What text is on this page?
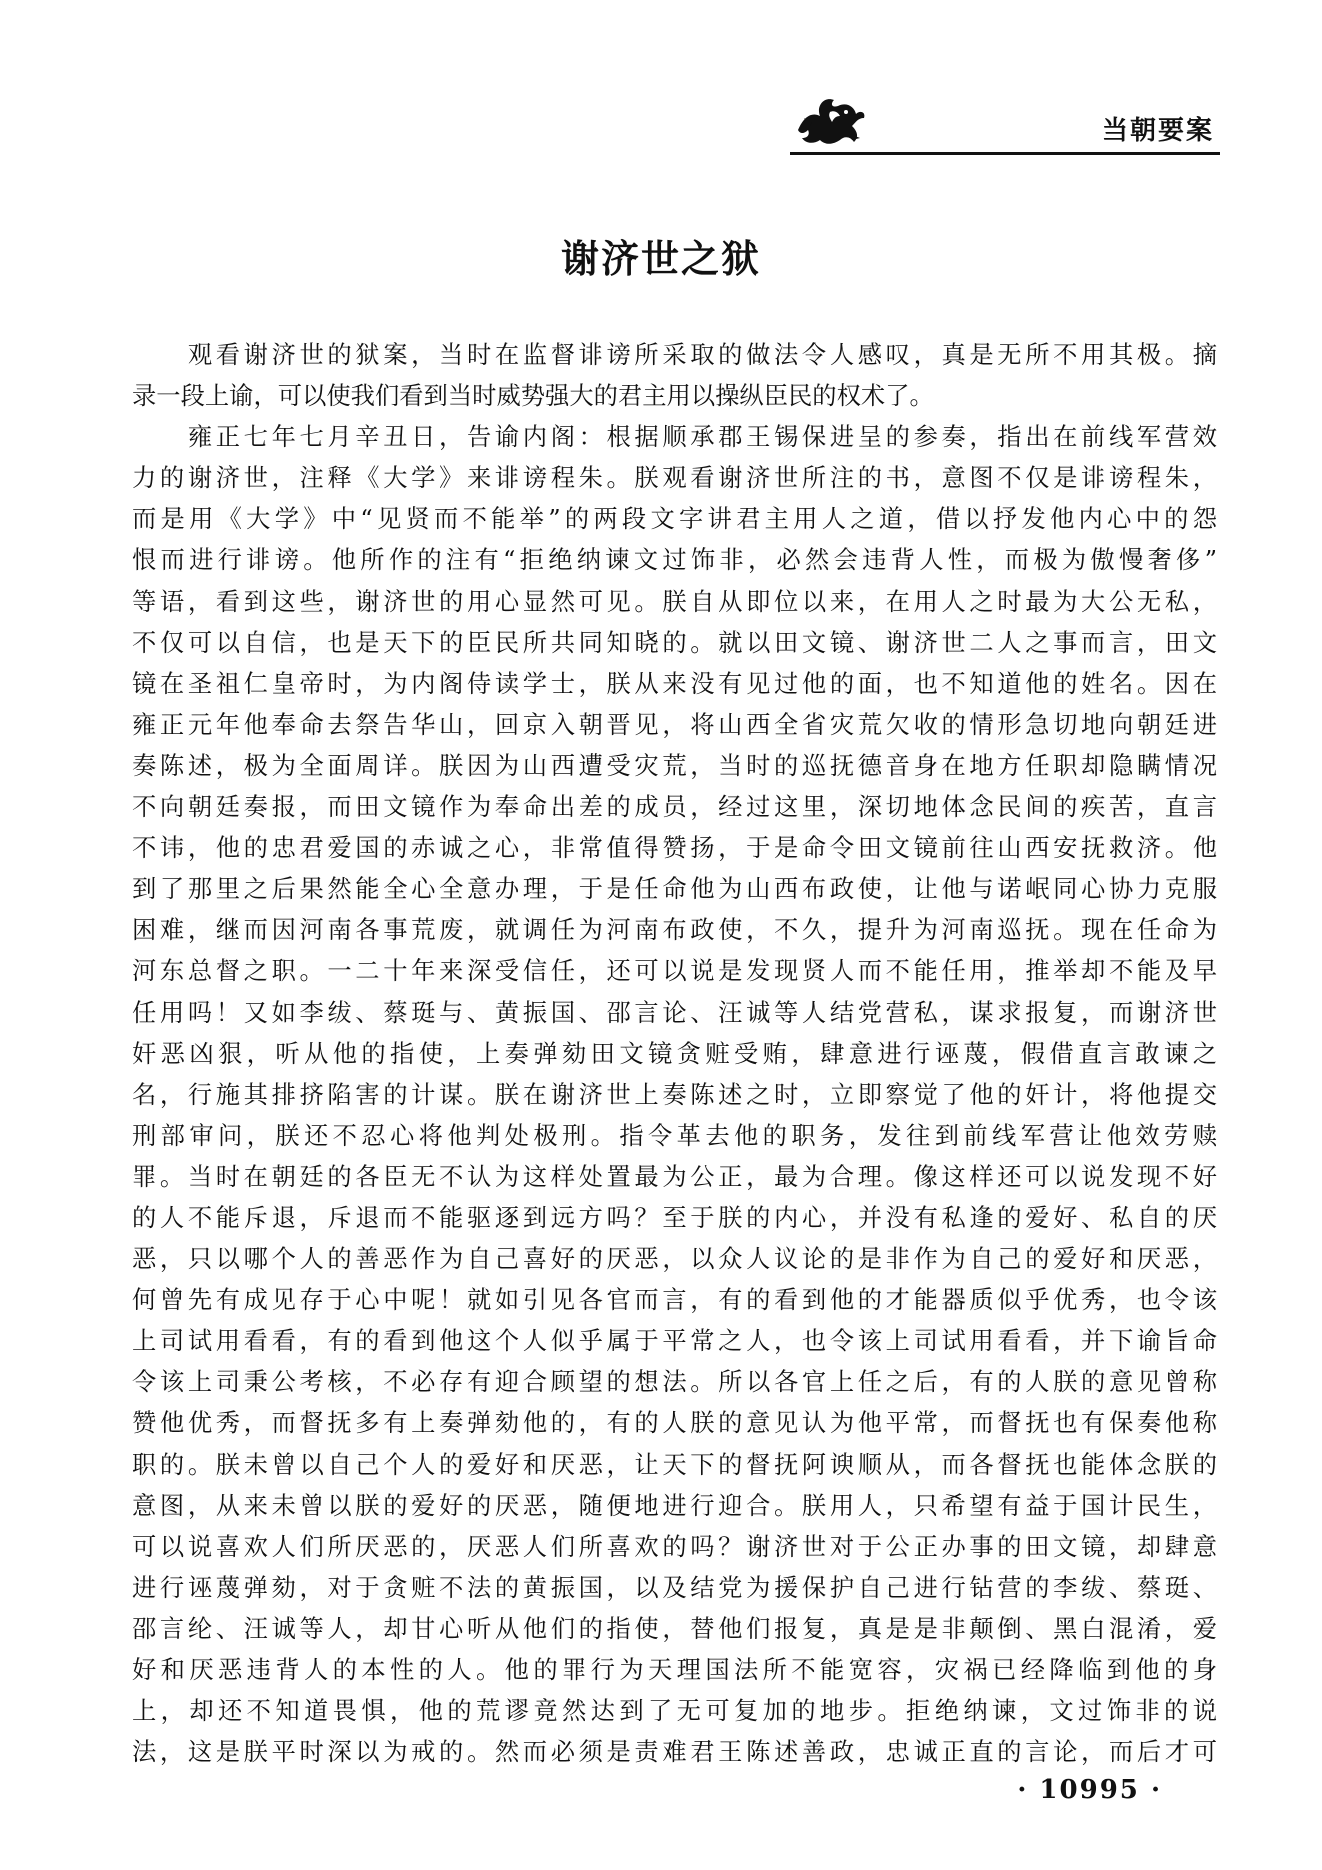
当朝要案
谢济世之狱
　　观看谢济世的狱案，当时在监督诽谤所采取的做法令人感叹，真是无所不用其极。摘
录一段上谕，可以使我们看到当时威势强大的君主用以操纵臣民的权术了。
　　雍正七年七月辛丑日，告谕内阁：根据顺承郡王锡保进呈的参奏，指出在前线军营效
力的谢济世，注释《大学》来诽谤程朱。朕观看谢济世所注的书，意图不仅是诽谤程朱，
而是用《大学》中“见贤而不能举”的两段文字讲君主用人之道，借以抒发他内心中的怨
恨而进行诽谤。他所作的注有“拒绝纳谏文过饰非，必然会违背人性，而极为傲慢奢侈”
等语，看到这些，谢济世的用心显然可见。朕自从即位以来，在用人之时最为大公无私，
不仅可以自信，也是天下的臣民所共同知晓的。就以田文镜、谢济世二人之事而言，田文
镜在圣祖仁皇帝时，为内阁侍读学士，朕从来没有见过他的面，也不知道他的姓名。因在
雍正元年他奉命去祭告华山，回京入朝晋见，将山西全省灾荒欠收的情形急切地向朝廷进
奏陈述，极为全面周详。朕因为山西遭受灾荒，当时的巡抚德音身在地方任职却隐瞒情况
不向朝廷奏报，而田文镜作为奉命出差的成员，经过这里，深切地体念民间的疾苦，直言
不讳，他的忠君爱国的赤诚之心，非常值得赞扬，于是命令田文镜前往山西安抚救济。他
到了那里之后果然能全心全意办理，于是任命他为山西布政使，让他与诺岷同心协力克服
困难，继而因河南各事荒废，就调任为河南布政使，不久，提升为河南巡抚。现在任命为
河东总督之职。一二十年来深受信任，还可以说是发现贤人而不能任用，推举却不能及早
任用吗！又如李绂、蔡珽与、黄振国、邵言论、汪诚等人结党营私，谋求报复，而谢济世
奸恶凶狠，听从他的指使，上奏弹劾田文镜贪赃受贿，肆意进行诬蔑，假借直言敢谏之
名，行施其排挤陷害的计谋。朕在谢济世上奏陈述之时，立即察觉了他的奸计，将他提交
刑部审问，朕还不忍心将他判处极刑。指令革去他的职务，发往到前线军营让他效劳赎
罪。当时在朝廷的各臣无不认为这样处置最为公正，最为合理。像这样还可以说发现不好
的人不能斥退，斥退而不能驱逐到远方吗？至于朕的内心，并没有私逢的爱好、私自的厌
恶，只以哪个人的善恶作为自己喜好的厌恶，以众人议论的是非作为自己的爱好和厌恶，
何曾先有成见存于心中呢！就如引见各官而言，有的看到他的才能器质似乎优秀，也令该
上司试用看看，有的看到他这个人似乎属于平常之人，也令该上司试用看看，并下谕旨命
令该上司秉公考核，不必存有迎合顾望的想法。所以各官上任之后，有的人朕的意见曾称
赞他优秀，而督抚多有上奏弹劾他的，有的人朕的意见认为他平常，而督抚也有保奏他称
职的。朕未曾以自己个人的爱好和厌恶，让天下的督抚阿谀顺从，而各督抚也能体念朕的
意图，从来未曾以朕的爱好的厌恶，随便地进行迎合。朕用人，只希望有益于国计民生，
可以说喜欢人们所厌恶的，厌恶人们所喜欢的吗？谢济世对于公正办事的田文镜，却肆意
进行诬蔑弹劾，对于贪赃不法的黄振国，以及结党为援保护自己进行钻营的李绂、蔡珽、
邵言纶、汪诚等人，却甘心听从他们的指使，替他们报复，真是是非颠倒、黑白混淆，爱
好和厌恶违背人的本性的人。他的罪行为天理国法所不能宽容，灾祸已经降临到他的身
上，却还不知道畏惧，他的荒谬竟然达到了无可复加的地步。拒绝纳谏，文过饰非的说
法，这是朕平时深以为戒的。然而必须是责难君王陈述善政，忠诚正直的言论，而后才可
· 10995 ·
